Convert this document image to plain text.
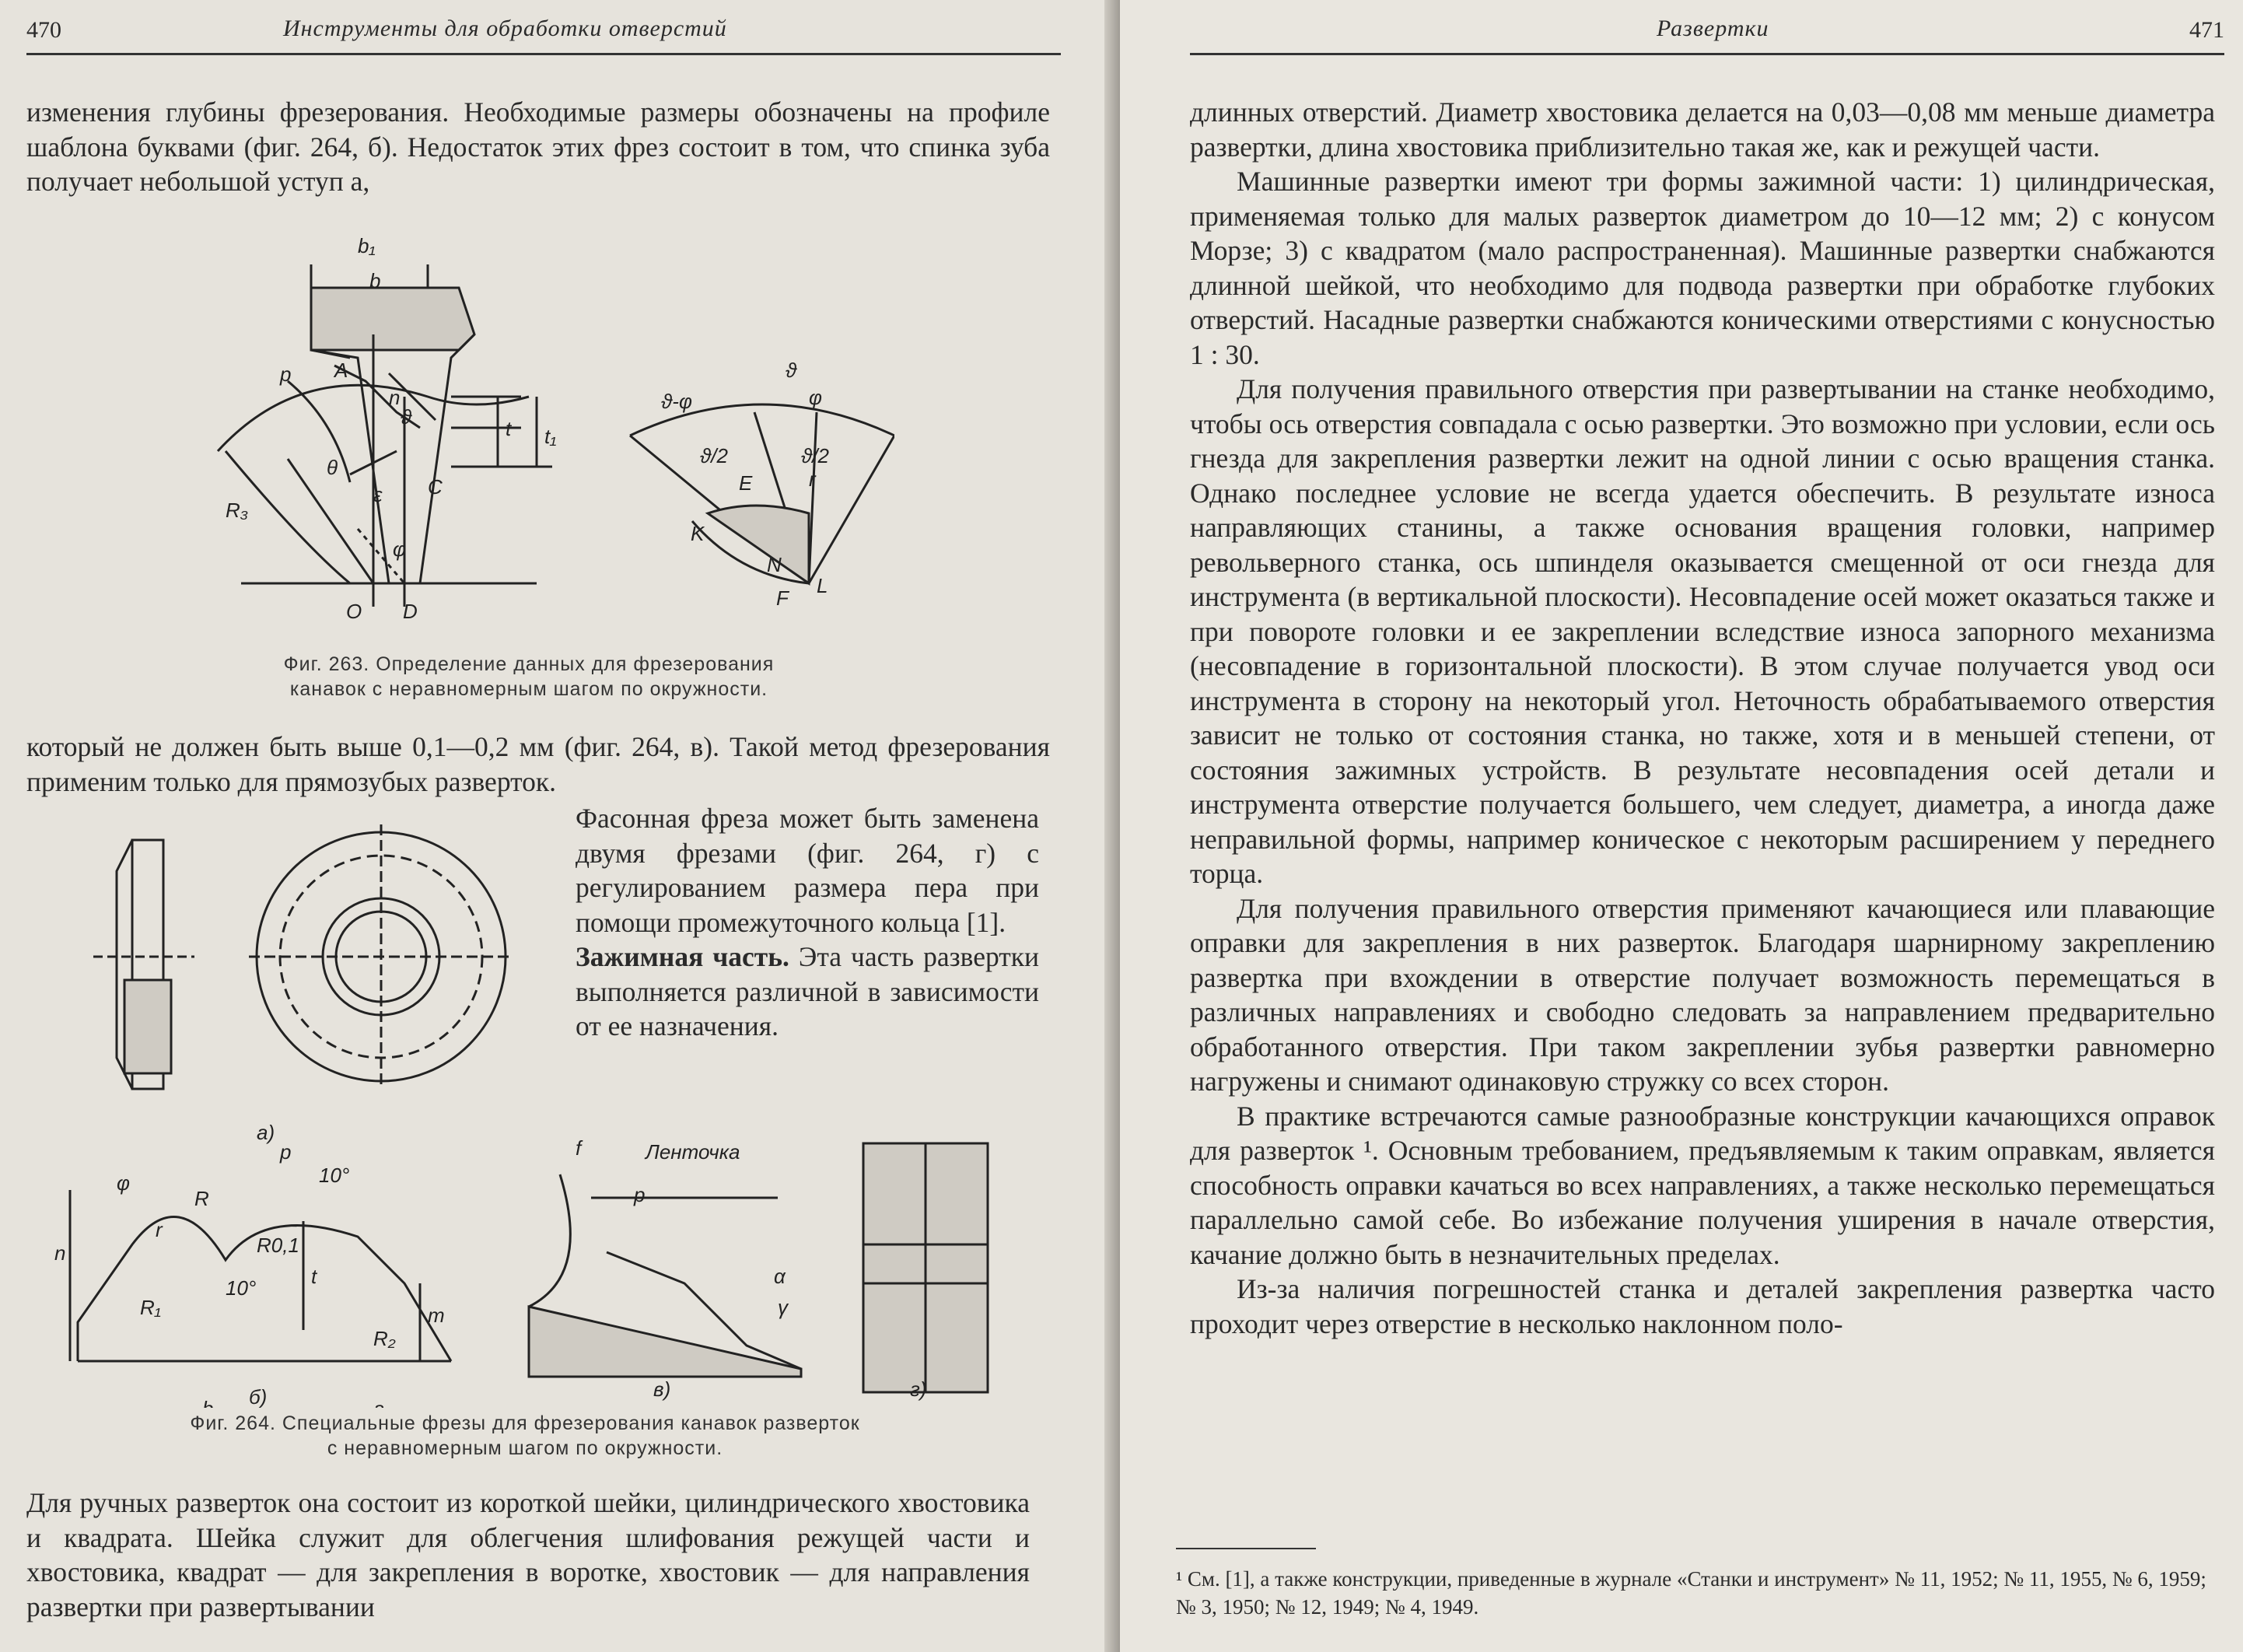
470	Инструменты для обработки отверстий

изменения глубины фрезерования. Необходимые размеры обозначены на профиле шаблона буквами (фиг. 264, б). Недостаток этих фрез состоит в том, что спинка зуба получает небольшой уступ а,

b₁
b
p A
n
t t₁
θ
ϑ
R₃
C
ε
φ
O D
ϑ
ϑ-φ	φ
ϑ/2	ϑ/2
E	r
K
N
F
L
Фиг. 263. Определение данных для фрезерования
канавок с неравномерным шагом по окружности.

который не должен быть выше 0,1—0,2 мм (фиг. 264, в). Такой метод фрезерования применим только для прямозубых разверток.

а)

Фасонная фреза может быть заменена двумя фрезами (фиг. 264, г) с регулированием размера пера при помощи промежуточного кольца [1].

Зажимная часть. Эта часть развертки выполняется различной в зависимости от ее назначения.

б)	в)	г)
Ленточка
f
p
p
10°
10°
φ
R
R₁
R₂
n
t
m
α
γ
R0,1
r
Фиг. 264. Специальные фрезы для фрезерования канавок разверток
с неравномерным шагом по окружности.

Для ручных разверток она состоит из короткой шейки, цилиндрического хвостовика и квадрата. Шейка служит для облегчения шлифования режущей части и хвостовика, квадрат — для закрепления в воротке, хвостовик — для направления развертки при развертывании

Развертки	471

длинных отверстий. Диаметр хвостовика делается на 0,03—0,08 мм меньше диаметра развертки, длина хвостовика приблизительно такая же, как и режущей части.

Машинные развертки имеют три формы зажимной части: 1) цилиндрическая, применяемая только для малых разверток диаметром до 10—12 мм; 2) с конусом Морзе; 3) с квадратом (мало распространенная). Машинные развертки снабжаются длинной шейкой, что необходимо для подвода развертки при обработке глубоких отверстий. Насадные развертки снабжаются коническими отверстиями с конусностью 1 : 30.

Для получения правильного отверстия при развертывании на станке необходимо, чтобы ось отверстия совпадала с осью развертки. Это возможно при условии, если ось гнезда для закрепления развертки лежит на одной линии с осью вращения станка. Однако последнее условие не всегда удается обеспечить. В результате износа направляющих станины, а также основания вращения головки, например револьверного станка, ось шпинделя оказывается смещенной от оси гнезда для инструмента (в вертикальной плоскости). Несовпадение осей может оказаться также и при повороте головки и ее закреплении вследствие износа запорного механизма (несовпадение в горизонтальной плоскости). В этом случае получается увод оси инструмента в сторону на некоторый угол. Неточность обрабатываемого отверстия зависит не только от состояния станка, но также, хотя и в меньшей степени, от состояния зажимных устройств. В результате несовпадения осей детали и инструмента отверстие получается большего, чем следует, диаметра, а иногда даже неправильной формы, например коническое с некоторым расширением у переднего торца.

Для получения правильного отверстия применяют качающиеся или плавающие оправки для закрепления в них разверток. Благодаря шарнирному закреплению развертка при вхождении в отверстие получает возможность перемещаться в различных направлениях и свободно следовать за направлением предварительно обработанного отверстия. При таком закреплении зубья развертки равномерно нагружены и снимают одинаковую стружку со всех сторон.

В практике встречаются самые разнообразные конструкции качающихся оправок для разверток ¹. Основным требованием, предъявляемым к таким оправкам, является способность оправки качаться во всех направлениях, а также несколько перемещаться параллельно самой себе. Во избежание получения уширения в начале отверстия, качание должно быть в незначительных пределах.

Из-за наличия погрешностей станка и деталей закрепления развертка часто проходит через отверстие в несколько наклонном поло-

¹ См. [1], а также конструкции, приведенные в журнале «Станки и инструмент» № 11, 1952; № 11, 1955, № 6, 1959; № 3, 1950; № 12, 1949; № 4, 1949.
